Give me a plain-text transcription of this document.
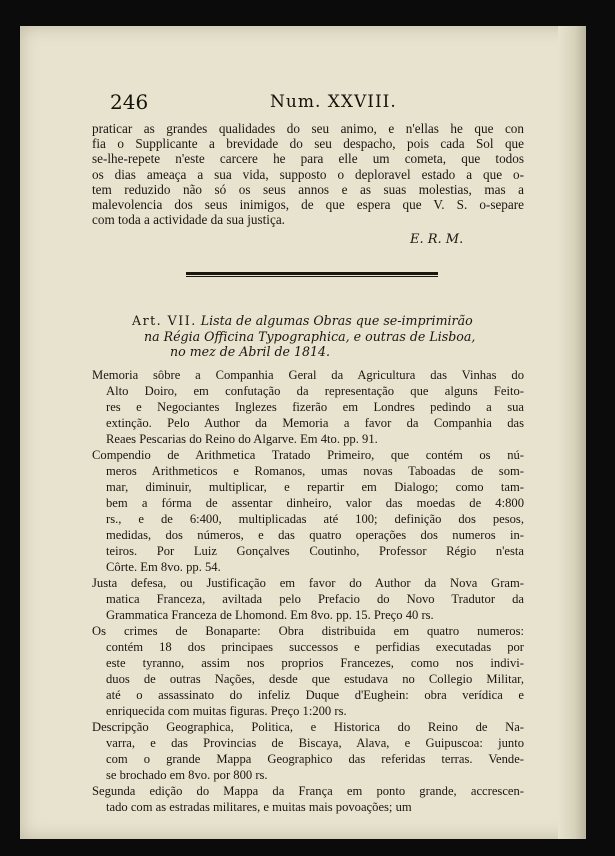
246	Num. XXVIII.
praticar as grandes qualidades do seu animo, e n'ellas he que con
fia o Supplicante a brevidade do seu despacho, pois cada Sol que
se-lhe-repete n'este carcere he para elle um cometa, que todos
os dias ameaça a sua vida, supposto o deploravel estado a que o-
tem reduzido não só os seus annos e as suas molestias, mas a
malevolencia dos seus inimigos, de que espera que V. S. o-separe
com toda a actividade da sua justiça.
E. R. M.
Art. VII. Lista de algumas Obras que se-imprimirão
na Régia Officina Typographica, e outras de Lisboa,
no mez de Abril de 1814.
Memoria sôbre a Companhia Geral da Agricultura das Vinhas do
Alto Doiro, em confutação da representação que alguns Feito-
res e Negociantes Inglezes fizerão em Londres pedindo a sua
extinção. Pelo Author da Memoria a favor da Companhia das
Reaes Pescarias do Reino do Algarve. Em 4to. pp. 91.
Compendio de Arithmetica Tratado Primeiro, que contém os nú-
meros Arithmeticos e Romanos, umas novas Taboadas de som-
mar, diminuir, multiplicar, e repartir em Dialogo; como tam-
bem a fórma de assentar dinheiro, valor das moedas de 4:800
rs., e de 6:400, multiplicadas até 100; definição dos pesos,
medidas, dos números, e das quatro operações dos numeros in-
teiros. Por Luiz Gonçalves Coutinho, Professor Régio n'esta
Côrte. Em 8vo. pp. 54.
Justa defesa, ou Justificação em favor do Author da Nova Gram-
matica Franceza, aviltada pelo Prefacio do Novo Tradutor da
Grammatica Franceza de Lhomond. Em 8vo. pp. 15. Preço 40 rs.
Os crimes de Bonaparte: Obra distribuida em quatro numeros:
contém 18 dos principaes successos e perfidias executadas por
este tyranno, assim nos proprios Francezes, como nos indivi-
duos de outras Nações, desde que estudava no Collegio Militar,
até o assassinato do infeliz Duque d'Eughein: obra verídica e
enriquecida com muitas figuras. Preço 1:200 rs.
Descripção Geographica, Politica, e Historica do Reino de Na-
varra, e das Provincias de Biscaya, Alava, e Guipuscoa: junto
com o grande Mappa Geographico das referidas terras. Vende-
se brochado em 8vo. por 800 rs.
Segunda edição do Mappa da França em ponto grande, accrescen-
tado com as estradas militares, e muitas mais povoações; um
